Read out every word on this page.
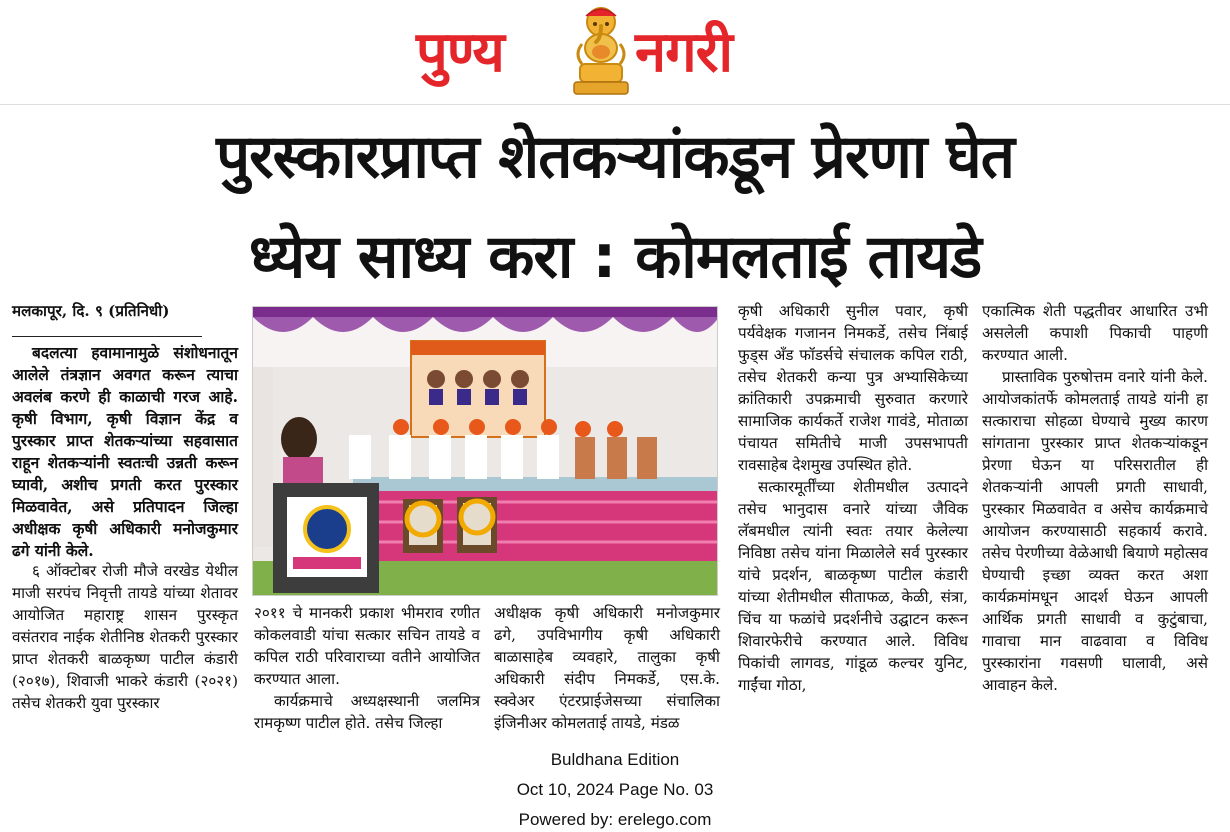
पुण्य नगरी
पुरस्कारप्राप्त शेतकऱ्यांकडून प्रेरणा घेत
ध्येय साध्य करा : कोमलताई तायडे
मलकापूर, दि. ९ (प्रतिनिधी)

बदलत्या हवामानामुळे संशोधनातून आलेले तंत्रज्ञान अवगत करून त्याचा अवलंब करणे ही काळाची गरज आहे. कृषी विभाग, कृषी विज्ञान केंद्र व पुरस्कार प्राप्त शेतकऱ्यांच्या सहवासात राहून शेतकऱ्यांनी स्वतःची उन्नती करून घ्यावी, अशीच प्रगती करत पुरस्कार मिळवावेत, असे प्रतिपादन जिल्हा अधीक्षक कृषी अधिकारी मनोजकुमार ढगे यांनी केले.

६ ऑक्टोबर रोजी मौजे वरखेड येथील माजी सरपंच निवृत्ती तायडे यांच्या शेतावर आयोजित महाराष्ट्र शासन पुरस्कृत वसंतराव नाईक शेतीनिष्ठ शेतकरी पुरस्कार प्राप्त शेतकरी बाळकृष्ण पाटील कंडारी (२०१७), शिवाजी भाकरे कंडारी (२०२१) तसेच शेतकरी युवा पुरस्कार

२०११ चे मानकरी प्रकाश भीमराव रणीत कोकलवाडी यांचा सत्कार सचिन तायडे व कपिल राठी परिवाराच्या वतीने आयोजित करण्यात आला.

कार्यक्रमाचे अध्यक्षस्थानी जलमित्र रामकृष्ण पाटील होते. तसेच जिल्हा

अधीक्षक कृषी अधिकारी मनोजकुमार ढगे, उपविभागीय कृषी अधिकारी बाळासाहेब व्यवहारे, तालुका कृषी अधिकारी संदीप निमकर्डे, एस.के. स्क्वेअर एंटरप्राईजेसच्या संचालिका इंजिनीअर कोमलताई तायडे, मंडळ

कृषी अधिकारी सुनील पवार, कृषी पर्यवेक्षक गजानन निमकर्डे, तसेच निंबाई फुड्स अँड फॉडर्सचे संचालक कपिल राठी, तसेच शेतकरी कन्या पुत्र अभ्यासिकेच्या क्रांतिकारी उपक्रमाची सुरुवात करणारे सामाजिक कार्यकर्ते राजेश गावंडे, मोताळा पंचायत समितीचे माजी उपसभापती रावसाहेब देशमुख उपस्थित होते.

सत्कारमूर्तींच्या शेतीमधील उत्पादने तसेच भानुदास वनारे यांच्या जैविक लॅबमधील त्यांनी स्वतः तयार केलेल्या निविष्ठा तसेच यांना मिळालेले सर्व पुरस्कार यांचे प्रदर्शन, बाळकृष्ण पाटील कंडारी यांच्या शेतीमधील सीताफळ, केळी, संत्रा, चिंच या फळांचे प्रदर्शनीचे उद्घाटन करून शिवारफेरीचे करण्यात आले. विविध पिकांची लागवड, गांडूळ कल्चर युनिट, गाईंचा गोठा,

एकात्मिक शेती पद्धतीवर आधारित उभी असलेली कपाशी पिकाची पाहणी करण्यात आली.

प्रास्ताविक पुरुषोत्तम वनारे यांनी केले. आयोजकांतर्फे कोमलताई तायडे यांनी हा सत्काराचा सोहळा घेण्याचे मुख्य कारण सांगताना पुरस्कार प्राप्त शेतकऱ्यांकडून प्रेरणा घेऊन या परिसरातील ही शेतकऱ्यांनी आपली प्रगती साधावी, पुरस्कार मिळवावेत व असेच कार्यक्रमाचे आयोजन करण्यासाठी सहकार्य करावे. तसेच पेरणीच्या वेळेआधी बियाणे महोत्सव घेण्याची इच्छा व्यक्त करत अशा कार्यक्रमांमधून आदर्श घेऊन आपली आर्थिक प्रगती साधावी व कुटुंबाचा, गावाचा मान वाढवावा व विविध पुरस्कारांना गवसणी घालावी, असे आवाहन केले.

Buldhana Edition
Oct 10, 2024 Page No. 03
Powered by: erelego.com
